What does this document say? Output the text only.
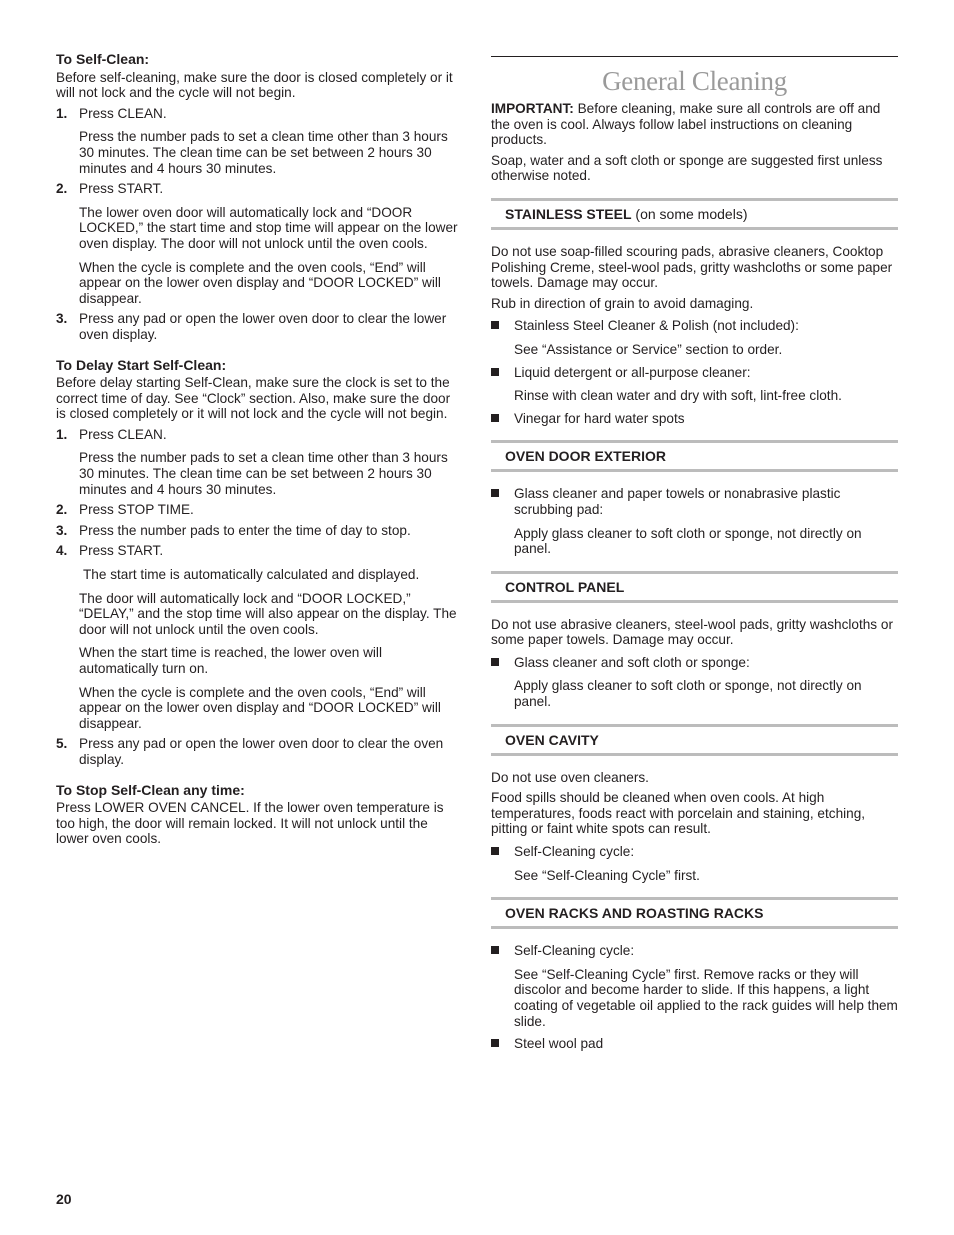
To Self-Clean:

Before self-cleaning, make sure the door is closed completely or it will not lock and the cycle will not begin.

1. Press CLEAN.

Press the number pads to set a clean time other than 3 hours 30 minutes. The clean time can be set between 2 hours 30 minutes and 4 hours 30 minutes.

2. Press START.

The lower oven door will automatically lock and “DOOR LOCKED,” the start time and stop time will appear on the lower oven display. The door will not unlock until the oven cools.

When the cycle is complete and the oven cools, “End” will appear on the lower oven display and “DOOR LOCKED” will disappear.

3. Press any pad or open the lower oven door to clear the lower oven display.
To Delay Start Self-Clean:

Before delay starting Self-Clean, make sure the clock is set to the correct time of day. See “Clock” section. Also, make sure the door is closed completely or it will not lock and the cycle will not begin.

1. Press CLEAN.

Press the number pads to set a clean time other than 3 hours 30 minutes. The clean time can be set between 2 hours 30 minutes and 4 hours 30 minutes.

2. Press STOP TIME.
3. Press the number pads to enter the time of day to stop.
4. Press START.

The start time is automatically calculated and displayed.

The door will automatically lock and “DOOR LOCKED,” “DELAY,” and the stop time will also appear on the display. The door will not unlock until the oven cools.

When the start time is reached, the lower oven will automatically turn on.

When the cycle is complete and the oven cools, “End” will appear on the lower oven display and “DOOR LOCKED” will disappear.

5. Press any pad or open the lower oven door to clear the oven display.
To Stop Self-Clean any time:

Press LOWER OVEN CANCEL. If the lower oven temperature is too high, the door will remain locked. It will not unlock until the lower oven cools.

General Cleaning

IMPORTANT: Before cleaning, make sure all controls are off and the oven is cool. Always follow label instructions on cleaning products.

Soap, water and a soft cloth or sponge are suggested first unless otherwise noted.

STAINLESS STEEL (on some models)

Do not use soap-filled scouring pads, abrasive cleaners, Cooktop Polishing Creme, steel-wool pads, gritty washcloths or some paper towels. Damage may occur.

Rub in direction of grain to avoid damaging.

Stainless Steel Cleaner & Polish (not included):

See “Assistance or Service” section to order.

Liquid detergent or all-purpose cleaner:

Rinse with clean water and dry with soft, lint-free cloth.

Vinegar for hard water spots
OVEN DOOR EXTERIOR
Glass cleaner and paper towels or nonabrasive plastic scrubbing pad:

Apply glass cleaner to soft cloth or sponge, not directly on panel.

CONTROL PANEL

Do not use abrasive cleaners, steel-wool pads, gritty washcloths or some paper towels. Damage may occur.

Glass cleaner and soft cloth or sponge:

Apply glass cleaner to soft cloth or sponge, not directly on panel.

OVEN CAVITY

Do not use oven cleaners.

Food spills should be cleaned when oven cools. At high temperatures, foods react with porcelain and staining, etching, pitting or faint white spots can result.

Self-Cleaning cycle:

See “Self-Cleaning Cycle” first.

OVEN RACKS AND ROASTING RACKS
Self-Cleaning cycle:

See “Self-Cleaning Cycle” first. Remove racks or they will discolor and become harder to slide. If this happens, a light coating of vegetable oil applied to the rack guides will help them slide.

Steel wool pad
20
